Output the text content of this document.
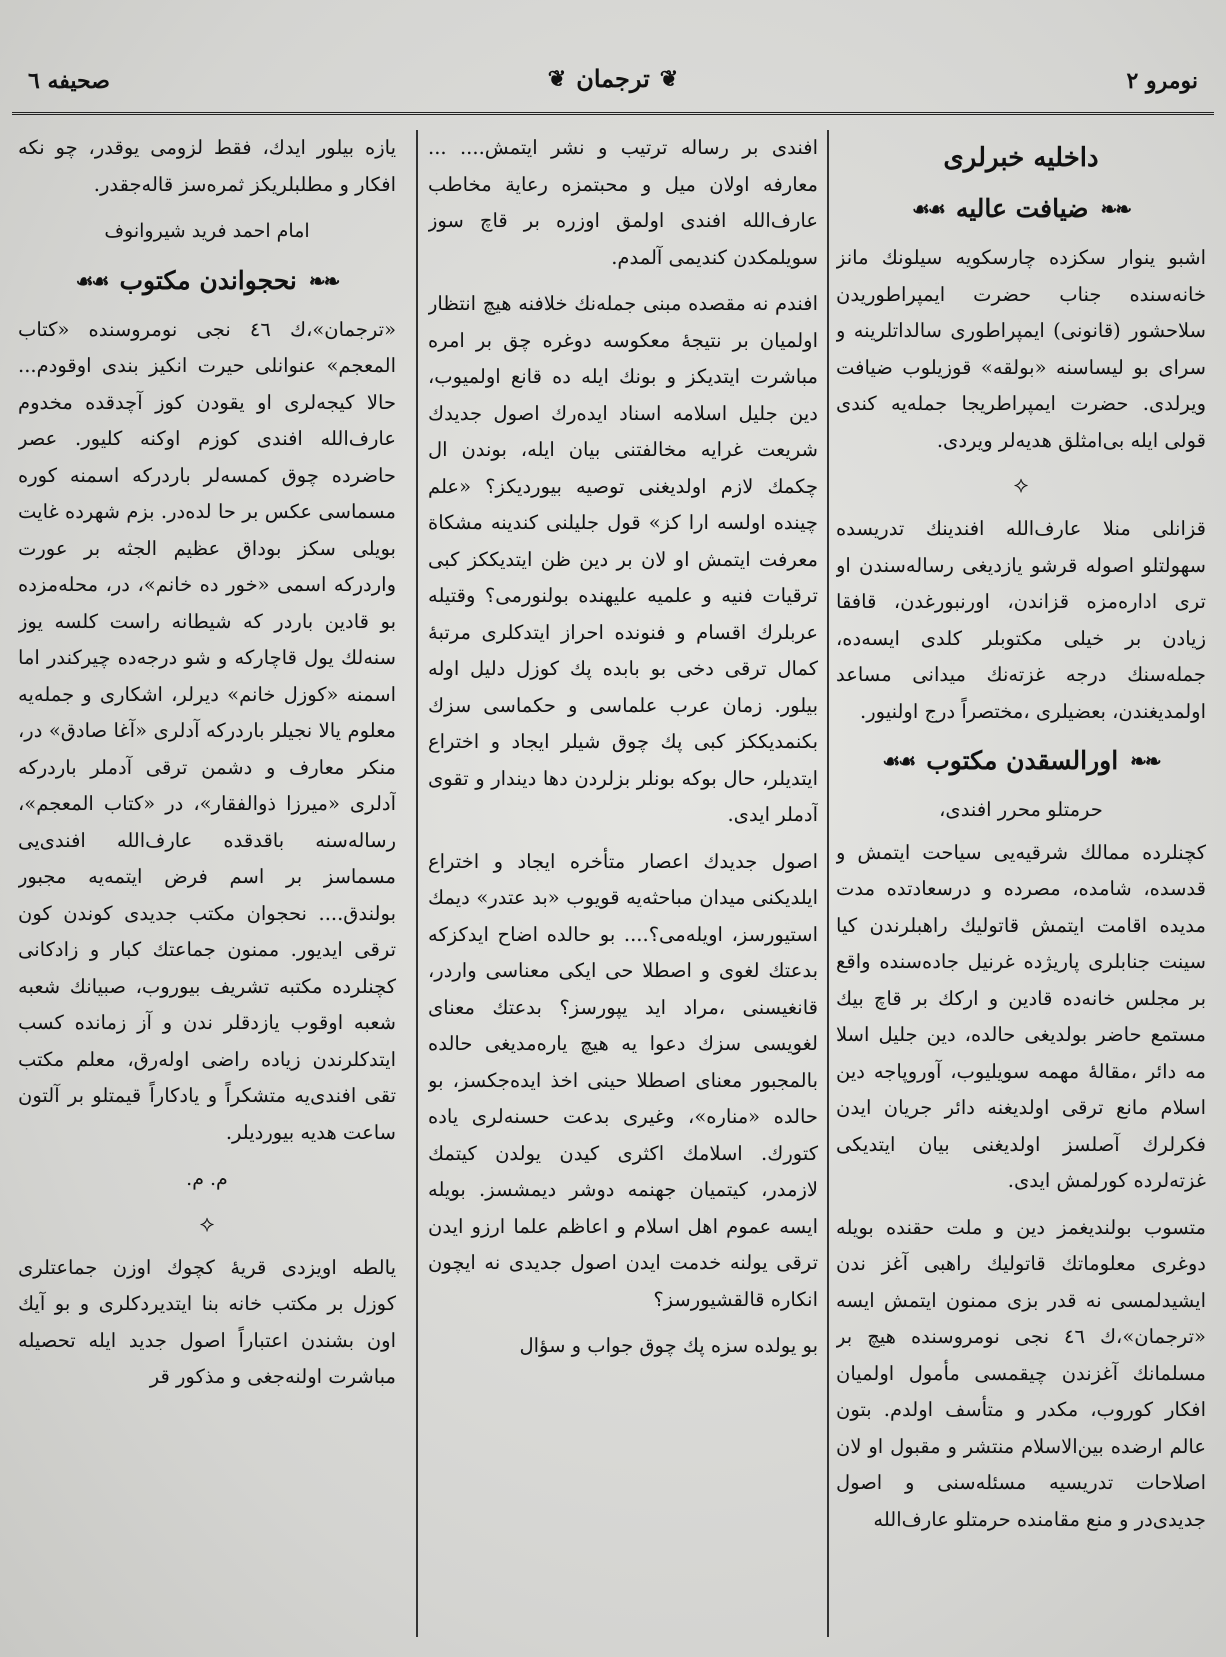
نومرو ۲
❦
ترجمان
❦
صحیفه ٦
داخلیه خبرلری
❧❧
ضیافت عالیه
☙☙

اشبو ینوار سکزده چارسکویه سیلونك مانز خانه‌سنده جناب حضرت ایمپراطوریدن سلاحشور (قانونی) ایمپراطوری سالداتلرینه و سرای بو لیساسنه «بولقه» قوزیلوب ضیافت ویرلدی. حضرت ایمپراطریجا جمله‌یه کندی قولی ایله بی‌امثلق هدیه‌لر ویردی.

⟡

قزانلی منلا عارف‌الله افندینك تدریسده سهولتلو اصوله قرشو یازدیغی رساله‌سندن او تری اداره‌مزه قزاندن، اورنبورغدن، قافقا زیادن بر خیلی مکتوبلر کلدی ایسه‌ده، جمله‌سنك درجه غزته‌نك میدانی مساعد اولمدیغندن، بعضیلری ،مختصراً درج اولنیور.

❧❧
اورالسقدن مکتوب
☙☙
حرمتلو محرر افندی،

کچنلرده ممالك شرقیه‌یی سیاحت ایتمش و قدسده، شامده، مصرده و درسعادتده مدت مدیده اقامت ایتمش قاتولیك راهبلرندن کیا سینت جنابلری پاریژده غرنیل جاده‌سنده واقع بر مجلس خانه‌ده قادین و ارکك بر قاچ بیك مستمع حاضر بولدیغی حالده، دین جلیل اسلا مه دائر ،مقالهٔ مهمه سویلیوب، آوروپاجه دین اسلام مانع ترقی اولدیغنه دائر جریان ایدن فکرلرك آصلسز اولدیغنی بیان ایتدیکی غزته‌لرده کورلمش ایدی.

متسوب بولندیغمز دین و ملت حقنده بویله دوغری معلوماتك قاتولیك راهبی آغز ندن ایشیدلمسی نه قدر بزی ممنون ایتمش ایسه «ترجمان»،ك ٤٦ نجی نومروسنده هیچ بر مسلمانك آغزندن چیقمسی مأمول اولمیان افکار کوروب، مکدر و متأسف اولدم. بتون عالم ارضده بین‌الاسلام منتشر و مقبول او لان اصلاحات تدریسیه مسئله‌سنی و اصول جدیدی‌در و منع مقامنده حرمتلو عارف‌الله

افندی بر رساله ترتیب و نشر ایتمش.... ... معارفه اولان میل و محبتمزه رعایة مخاطب عارف‌الله افندی اولمق اوزره بر قاچ سوز سویلمکدن کندیمی آلمدم.

افندم نه مقصده مبنی جمله‌نك خلافنه هیچ انتظار اولمیان بر نتیجهٔ معکوسه دوغره چق بر امره مباشرت ایتدیکز و بونك ایله ده قانع اولمیوب، دین جلیل اسلامه اسناد ایده‌رك اصول جدیدك شریعت غرایه مخالفتنی بیان ایله، بوندن ال چکمك لازم اولدیغنی توصیه بیوردیکز؟ «علم چینده اولسه ارا کز» قول جلیلنی کندینه مشکاة معرفت ایتمش او لان بر دین ظن ایتدیککز کبی ترقیات فنیه و علمیه علیهنده بولنورمی؟ وقتیله عربلرك اقسام و فنونده احراز ایتدکلری مرتبهٔ کمال ترقی دخی بو بابده پك کوزل دلیل اوله بیلور. زمان عرب علماسی و حکماسی سزك بکنمدیککز کبی پك چوق شیلر ایجاد و اختراع ایتدیلر، حال بوکه بونلر بزلردن دها دیندار و تقوی آدملر ایدی.

اصول جدیدك اعصار متأخره ایجاد و اختراع ایلدیکنی میدان مباحثه‌یه قویوب «بد عتدر» دیمك استیورسز، اویله‌می؟.... بو حالده اضاح ایدکزکه بدعتك لغوی و اصطلا حی ایکی معناسی واردر، قانغیسنی ،مراد اید یپورسز؟ بدعتك معنای لغویسی سزك دعوا یه هیچ یاره‌مدیغی حالده بالمجبور معنای اصطلا حینی اخذ ایده‌جکسز، بو حالده «مناره»، وغیری بدعت حسنه‌لری یاده کتورك. اسلامك اکثری کیدن یولدن کیتمك لازمدر، کیتمیان جهنمه دوشر دیمشسز. بویله ایسه عموم اهل اسلام و اعاظم علما ارزو ایدن ترقی یولنه خدمت ایدن اصول جدیدی نه ایچون انکاره قالقشیورسز؟

بو یولده سزه پك چوق جواب و سؤال

یازه بیلور ایدك، فقط لزومی یوقدر، چو نکه افکار و مطلبلریکز ثمره‌سز قاله‌جقدر.

امام احمد فرید شیروانوف
❧❧
نحجواندن مکتوب
☙☙

«ترجمان»،ك ٤٦ نجی نومروسنده «کتاب المعجم» عنوانلی حیرت انکیز بندی اوقودم... حالا کیجه‌لری او یقودن کوز آچدقده مخدوم عارف‌الله افندی کوزم اوکنه کلیور. عصر حاضرده چوق کمسه‌لر باردرکه اسمنه کوره مسماسی عکس بر حا لده‌در. بزم شهرده غایت بویلی سکز بوداق عظیم الجثه بر عورت واردرکه اسمی «خور ده خانم»، در، محله‌مزده بو قادین باردر که شیطانه راست کلسه یوز سنه‌لك یول قاچارکه و شو درجه‌ده چیرکندر اما اسمنه «کوزل خانم» دیرلر، اشکاری و جمله‌یه معلوم یالا نجیلر باردرکه آدلری «آغا صادق» در، منکر معارف و دشمن ترقی آدملر باردرکه آدلری «میرزا ذوالفقار»، در «کتاب المعجم»، رساله‌سنه باقدقده عارف‌الله افندی‌یی مسماسز بر اسم فرض ایتمه‌یه مجبور بولندق.... نحجوان مکتب جدیدی کوندن کون ترقی ایدیور. ممنون جماعتك کبار و زادکانی کچنلرده مکتبه تشریف بیوروب، صبیانك شعبه شعبه اوقوب یازدقلر ندن و آز زمانده کسب ایتدکلرندن زیاده راضی اوله‌رق، معلم مکتب تقی افندی‌یه متشکراً و یادکاراً قیمتلو بر آلتون ساعت هدیه بیوردیلر.

م. م.
⟡

یالطه اویزدی قریهٔ کچوك اوزن جماعتلری کوزل بر مکتب خانه بنا ایتدیردکلری و بو آیك اون بشندن اعتباراً اصول جدید ایله تحصیله مباشرت اولنه‌جغی و مذکور قر
